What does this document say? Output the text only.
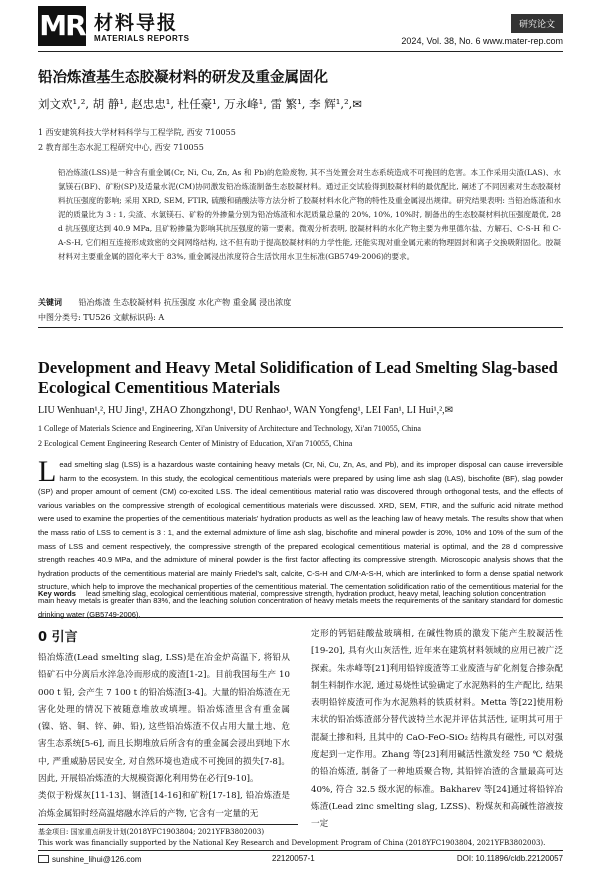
MR 材料导报
MATERIALS REPORTS
研究论文
2024, Vol. 38, No. 6 www.mater-rep.com
铅冶炼渣基生态胶凝材料的研发及重金属固化
刘文欢¹,², 胡 静¹, 赵忠忠¹, 杜任豪¹, 万永峰¹, 雷 繁¹, 李 辉¹,²,✉
1 西安建筑科技大学材料科学与工程学院, 西安 710055
2 教育部生态水泥工程研究中心, 西安 710055
铅冶炼渣(LSS)是一种含有重金属(Cr, Ni, Cu, Zn, As 和 Pb)的危险废物, 其不当处置会对生态系统造成不可挽回的危害。本工作采用尖渣(LAS)、水氯镁石(BF)、矿粉(SP)及适量水泥(CM)协同激发铅冶炼渣制备生态胶凝材料。通过正交试验得到胶凝材料的最优配比, 阐述了不同因素对生态胶凝材料抗压强度的影响; 采用 XRD, SEM, FTIR, 硫酸和硝酸法等方法分析了胶凝材料水化产物的特性及重金属浸出规律。研究结果表明: 当铅冶炼渣和水泥的质量比为 3 : 1, 尖渣、水氯镁石、矿粉的外掺量分别为铅冶炼渣和水泥质量总量的 20%, 10%, 10%时, 制备出的生态胶凝材料抗压强度最优, 28 d 抗压强度达到 40.9 MPa, 且矿粉掺量为影响其抗压强度的第一要素。微观分析表明, 胶凝材料的水化产物主要为弗里德尔盐、方解石、C-S-H 和 C-A-S-H, 它们相互连接形成致密的交间网络结构, 这不但有助于提高胶凝材料的力学性能, 还能实现对重金属元素的物理固封和离子交换吸附固化。胶凝材料对主要重金属的固化率大于 83%, 重金属浸出浓度符合生活饮用水卫生标准(GB5749-2006)的要求。
关键词 铅冶炼渣 生态胶凝材料 抗压强度 水化产物 重金属 浸出浓度
中图分类号: TU526 文献标识码: A
Development and Heavy Metal Solidification of Lead Smelting Slag-based Ecological Cementitious Materials
LIU Wenhuan¹,², HU Jing¹, ZHAO Zhongzhong¹, DU Renhao¹, WAN Yongfeng¹, LEI Fan¹, LI Hui¹,²,✉
1 College of Materials Science and Engineering, Xi'an University of Architecture and Technology, Xi'an 710055, China
2 Ecological Cement Engineering Research Center of Ministry of Education, Xi'an 710055, China
L ead smelting slag (LSS) is a hazardous waste containing heavy metals (Cr, Ni, Cu, Zn, As, and Pb), and its improper disposal can cause irreversible harm to the ecosystem. In this study, the ecological cementitious materials were prepared by using lime ash slag (LAS), bischofite (BF), slag powder (SP) and proper amount of cement (CM) co-excited LSS. The ideal cementitious material ratio was discovered through orthogonal tests, and the effects of various variables on the compressive strength of ecological cementitious materials were discussed. XRD, SEM, FTIR, and the sulfuric acid nitrate method were used to examine the properties of the cementitious materials' hydration products as well as the leaching law of heavy metals. The results show that when the mass ratio of LSS to cement is 3 : 1, and the external admixture of lime ash slag, bischofite and mineral powder is 20%, 10% and 10% of the sum of the mass of LSS and cement respectively, the compressive strength of the prepared ecological cementitious material is optimal, and the 28 d compressive strength reaches 40.9 MPa, and the admixture of mineral powder is the first factor affecting its compressive strength. Microscopic analysis shows that the hydration products of the cementitious material are mainly Friedel's salt, calcite, C-S-H and C/M-A-S-H, which are interlinked to form a dense spatial network structure, which help to improve the mechanical properties of the cementitious material. The cementation solidification ratio of the cementitious material for the main heavy metals is greater than 83%, and the leaching solution concentration of heavy metals meets the requirements of the sanitary standard for domestic drinking water (GB5749-2006).
Key words lead smelting slag, ecological cementitious material, compressive strength, hydration product, heavy metal, leaching solution concentration
0 引言
铅冶炼渣(Lead smelting slag, LSS)是在冶金炉高温下, 将铅从铅矿石中分离后水淬急冷而形成的废渣[1-2]。目前我国每生产 10 000 t 铅, 会产生 7 100 t 的铅冶炼渣[3-4]。大量的铅冶炼渣在无害化处理的情况下被随意堆放或填埋。铅冶炼渣里含有重金属(镍、铬、铜、锌、砷、铅), 这些铅冶炼渣不仅占用大量土地、危害生态系统[5-6], 而且长期堆放后所含有的重金属会浸出到地下水中, 严重威胁居民安全, 对自然环境也造成不可挽回的损失[7-8]。因此, 开展铅冶炼渣的大规模资源化利用势在必行[9-10]。
类似于粉煤灰[11-13]、钢渣[14-16]和矿粉[17-18], 铅冶炼渣是冶炼金属铅时经高温熔融水淬后的产物, 它含有一定量的无
定形的钙铝硅酸盐玻璃相, 在碱性物质的激发下能产生胶凝活性[19-20], 具有火山灰活性, 近年来在建筑材料领域的应用已被广泛探索。朱赤峰等[21]利用铅锌废渣等工业废渣与矿化剂复合掺杂配制生料制作水泥, 通过易烧性试验确定了水泥熟料的生产配比, 结果表明铅锌废渣可作为水泥熟料的铁质材料。Metta 等[22]使用粉末状的铅冶炼渣部分替代波特兰水泥并评估其活性, 证明其可用于混凝土掺和料, 且其中的 CaO-FeO-SiO₂ 结构具有磁性, 可以对强度起到一定作用。Zhang 等[23]利用碱活性激发经 750 ℃ 煅烧的铅冶炼渣, 制备了一种地质聚合物, 其铅锌冶渣的含量最高可达 40%, 符合 32.5 级水泥的标准。Bakharev 等[24]通过将铅锌冶炼渣(Lead zinc smelting slag, LZSS)、粉煤灰和高碱性溶液按一定
基金项目: 国家重点研发计划(2018YFC1903804; 2021YFB3802003)
This work was financially supported by the National Key Research and Development Program of China (2018YFC1903804, 2021YFB3802003).
sunshine_lihui@126.com	22120057-1	DOI: 10.11896/cldb.22120057
